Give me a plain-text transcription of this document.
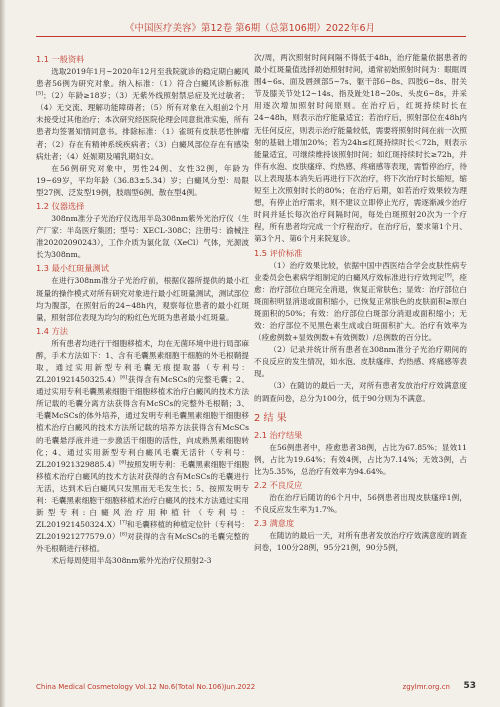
《中国医疗美容》第12卷 第6期（总第106期）2022年6月
1.1 一般资料

选取2019年1月~2020年12月至我院就诊的稳定期白癜风患者56例为研究对象。纳入标准：（1）符合白癜风诊断标准[5]；（2）年龄≥18岁；（3）无紫外线照射禁忌症及光过敏者；（4）无交流、理解功能障碍者；（5）所有对象在入组前2个月未接受过其他治疗；本次研究经医院伦理会同意批准实施，所有患者均签署知情同意书。排除标准：（1）雀斑有皮肤恶性肿瘤者；（2）存在有精神系统疾病者；（3）白癜风部位存在有感染病灶者；（4）妊娠期及哺乳期妇女。

在56例研究对象中，男性24例、女性32例，年龄为19~69岁，平均年龄（36.83±5.34）岁；白癜风分型：局限型27例、泛发型19例，肢端型6例、散在型4例。

1.2 仪器选择

308nm准分子光治疗仪选用半岛308nm紫外光治疗仪（生产厂家：半岛医疗集团；型号：XECL-308C；注册号：渝械注准20202090243），工作介质为氯化氙（XeCl）气体，光源波长为308nm。

1.3 最小红斑量测试

在进行308nm准分子光治疗前，根据仪器所提供的最小红斑量的操作模式对所有研究对象进行最小红斑量测试，测试部位均为腹部，在照射后的24~48h内，观察每位患者的最小红斑量，照射部位表现为均匀的粉红色光斑为患者最小红斑量。

1.4 方法

所有患者均进行干细胞移植术，均在无菌环境中进行局部麻醉，手术方法如下：1、含有毛囊黑素细胞干细胞的外毛根鞘提取，通过实用新型专利毛囊无痕提取器（专利号：ZL201921450325.4）[6]获得含有McSCs的完整毛囊；2、通过实用专利毛囊黑素细胞干细胞移植术治疗白癜风的技术方法所记载的毛囊分离方法获得含有McSCs的完整外毛根鞘；3、毛囊McSCs的体外培养，通过发明专利毛囊黑素细胞干细胞移植术治疗白癜风的技术方法所记载的培养方法获得含有McSCs的毛囊悬浮液并进一步激活干细胞的活性，向成熟黑素细胞转化；4、通过实用新型专利白癜风毛囊无活针（专利号：ZL201921329885.4）[6]按照发明专利：毛囊黑素细胞干细胞移植术治疗白癜风的技术方法对获得的含有McSCs的毛囊进行无活，达到术后白癜风只发黑而无毛发生长；5、按照发明专利：毛囊黑素细胞干细胞移植术治疗白癜风的技术方法通过实用新型专利:白癜风治疗用种植针（专利号：ZL201921450324.X）[7]和毛囊移植的种植定位针（专利号：ZL201921277579.0）[8]对获得的含有McSCs的毛囊完整的外毛根鞘进行移植。

术后每周使用半岛308nm紫外光治疗仪照射2-3

次/周，两次照射时间间隔不得低于48h，治疗能量依据患者的最小红斑量值选择初始照射时间，通常初始照射时间为：眼眶周围4~6s、面及唇颈部5~7s、躯干部6~8s、四肢6~8s、肘关节及膝关节处12~14s、指及趾处18~20s、头皮6~8s，并采用逐次增加照射时间原则。在治疗后，红斑持续时长在24~48h，则表示治疗能量适宜；若治疗后，照射部位在48h内无任何反应，则表示治疗能量较低，需要将照射时间在前一次照射的基础上增加20%；若为24h≤红斑持续时长＜72h，则表示能量适宜，可继续维持该照射时间；如红斑持续时长≥72h，并伴有水泡、皮肤瘙痒、灼热感、疼痛感等表现，需暂停治疗，待以上表现基本消失后再进行下次治疗，将下次治疗时长缩短，缩短至上次照射时长的80%；在治疗后期，如若治疗效果较为理想，有停止治疗需求，则不建议立即停止光疗，需逐渐减少治疗时间并延长每次治疗间隔时间，每处白斑照射20次为一个疗程，所有患者均完成一个疗程治疗。在治疗后，要求第1个月、第3个月、第6个月来院复诊。

1.5 评价标准

（1）治疗效果比较，依据中国中西医结合学会皮肤性病专业委员会色素病学组制定的白癜风疗效标准进行疗效判定[9]，痊愈：治疗部位白斑完全消退，恢复正常肤色；显效：治疗部位白斑面积明显消退或面积缩小，已恢复正常肤色的皮肤面积≥原白斑面积的50%；有效：治疗部位白斑部分消退或面积缩小；无效：治疗部位不见黑色素生成或白斑面积扩大。治疗有效率为（痊愈例数+显效例数+有效例数）/总例数的百分比。

（2）记录并统计所有患者在308nm准分子光治疗期间的不良反应的发生情况，如水泡、皮肤瘙痒、灼热感、疼痛感等表现。

（3）在随访的最后一天，对所有患者发放治疗疗效满意度的调查问卷，总分为100分，低于90分则为不满意。

2 结 果
2.1 治疗结果

在56例患者中，痊愈患者38例，占比为67.85%；显效11例，占比为19.64%；有效4例，占比为7.14%；无效3例，占比为5.35%，总治疗有效率为94.64%。

2.2 不良反应

治在治疗后随访的6个月中，56例患者出现皮肤瘙痒1例，不良反应发生率为1.7%。

2.3 满意度

在随访的最后一天，对所有患者发放治疗疗效满意度的调查问卷，100分28例，95分21例，90分5例，

China Medical Cosmetology Vol.12 No.6(Total No.106)Jun.2022	zgylmr.org.cn 53
